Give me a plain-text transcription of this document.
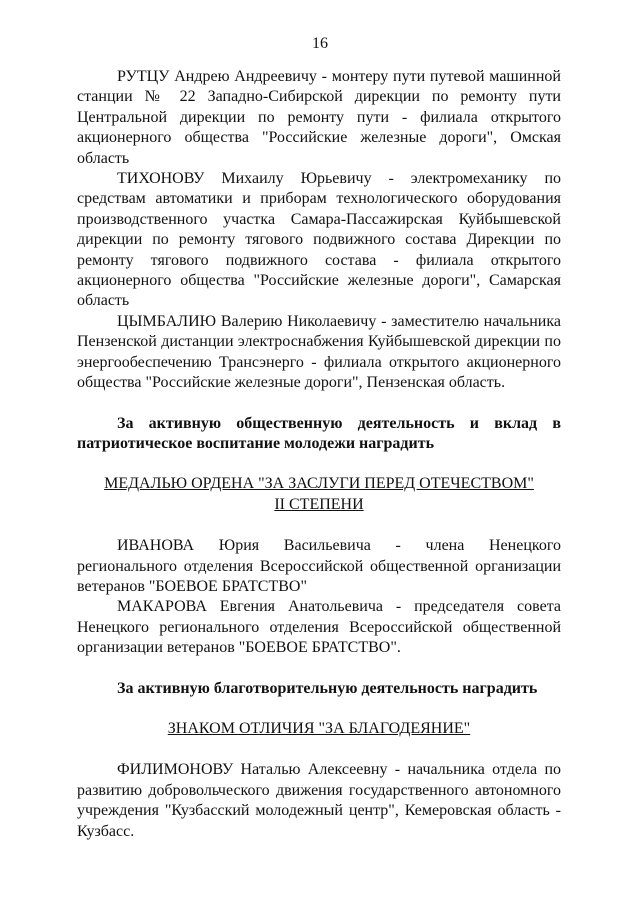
16

РУТЦУ Андрею Андреевичу - монтеру пути путевой машинной станции № 22 Западно-Сибирской дирекции по ремонту пути Центральной дирекции по ремонту пути - филиала открытого акционерного общества "Российские железные дороги", Омская область

ТИХОНОВУ Михаилу Юрьевичу - электромеханику по средствам автоматики и приборам технологического оборудования производственного участка Самара-Пассажирская Куйбышевской дирекции по ремонту тягового подвижного состава Дирекции по ремонту тягового подвижного состава - филиала открытого акционерного общества "Российские железные дороги", Самарская область

ЦЫМБАЛИЮ Валерию Николаевичу - заместителю начальника Пензенской дистанции электроснабжения Куйбышевской дирекции по энергообеспечению Трансэнерго - филиала открытого акционерного общества "Российские железные дороги", Пензенская область.

За активную общественную деятельность и вклад в патриотическое воспитание молодежи наградить

МЕДАЛЬЮ ОРДЕНА "ЗА ЗАСЛУГИ ПЕРЕД ОТЕЧЕСТВОМ"

II СТЕПЕНИ

ИВАНОВА Юрия Васильевича - члена Ненецкого регионального отделения Всероссийской общественной организации ветеранов "БОЕВОЕ БРАТСТВО"

МАКАРОВА Евгения Анатольевича - председателя совета Ненецкого регионального отделения Всероссийской общественной организации ветеранов "БОЕВОЕ БРАТСТВО".

За активную благотворительную деятельность наградить

ЗНАКОМ ОТЛИЧИЯ "ЗА БЛАГОДЕЯНИЕ"

ФИЛИМОНОВУ Наталью Алексеевну - начальника отдела по развитию добровольческого движения государственного автономного учреждения "Кузбасский молодежный центр", Кемеровская область - Кузбасс.
